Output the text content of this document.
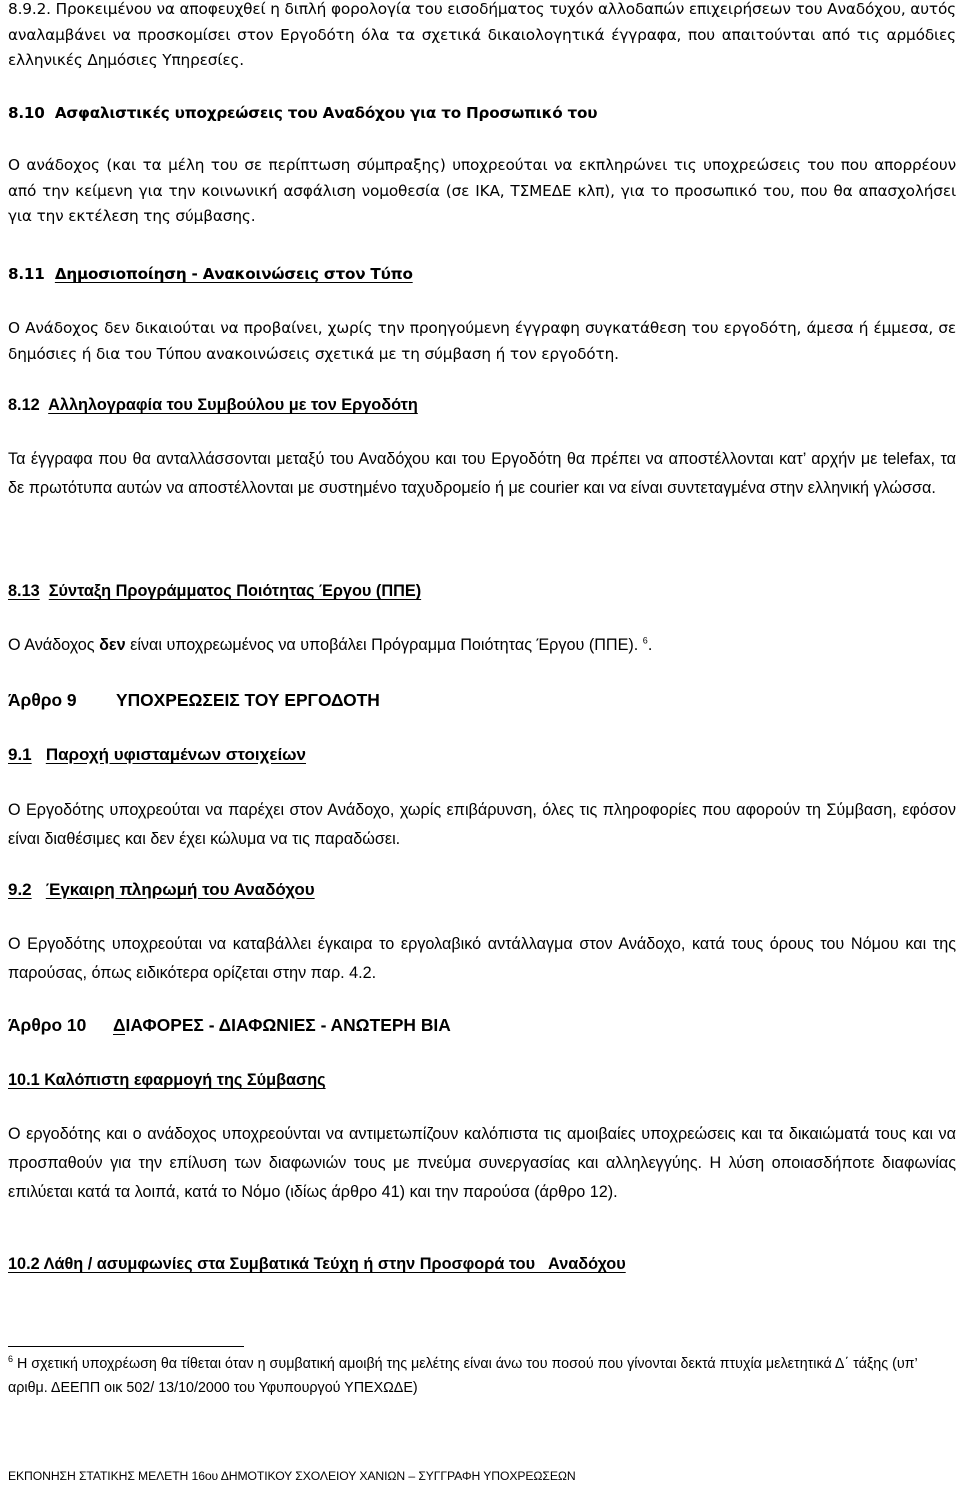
8.9.2. Προκειμένου να αποφευχθεί η διπλή φορολογία του εισοδήματος τυχόν αλλοδαπών επιχειρήσεων του Αναδόχου, αυτός αναλαμβάνει να προσκομίσει στον Εργοδότη όλα τα σχετικά δικαιολογητικά έγγραφα, που απαιτούνται από τις αρμόδιες ελληνικές Δημόσιες Υπηρεσίες.

8.10 Ασφαλιστικές υποχρεώσεις του Αναδόχου για το Προσωπικό του

Ο ανάδοχος (και τα μέλη του σε περίπτωση σύμπραξης) υποχρεούται να εκπληρώνει τις υποχρεώσεις του που απορρέουν από την κείμενη για την κοινωνική ασφάλιση νομοθεσία (σε ΙΚΑ, ΤΣΜΕΔΕ κλπ), για το προσωπικό του, που θα απασχολήσει για την εκτέλεση της σύμβασης.

8.11 Δημοσιοποίηση - Ανακοινώσεις στον Τύπο

Ο Ανάδοχος δεν δικαιούται να προβαίνει, χωρίς την προηγούμενη έγγραφη συγκατάθεση του εργοδότη, άμεσα ή έμμεσα, σε δημόσιες ή δια του Τύπου ανακοινώσεις σχετικά με τη σύμβαση ή τον εργοδότη.

8.12 Αλληλογραφία του Συμβούλου με τον Εργοδότη

Τα έγγραφα που θα ανταλλάσσονται μεταξύ του Αναδόχου και του Εργοδότη θα πρέπει να αποστέλλονται κατ’ αρχήν με telefax, τα δε πρωτότυπα αυτών να αποστέλλονται με συστημένο ταχυδρομείο ή με courier και να είναι συντεταγμένα στην ελληνική γλώσσα.

8.13 Σύνταξη Προγράμματος Ποιότητας Έργου (ΠΠΕ)

Ο Ανάδοχος δεν είναι υποχρεωμένος να υποβάλει Πρόγραμμα Ποιότητας Έργου (ΠΠΕ). $^6$.

Άρθρο 9 ΥΠΟΧΡΕΩΣΕΙΣ ΤΟΥ ΕΡΓΟΔΟΤΗ

9.1 Παροχή υφισταμένων στοιχείων

Ο Εργοδότης υποχρεούται να παρέχει στον Ανάδοχο, χωρίς επιβάρυνση, όλες τις πληροφορίες που αφορούν τη Σύμβαση, εφόσον είναι διαθέσιμες και δεν έχει κώλυμα να τις παραδώσει.

9.2 Έγκαιρη πληρωμή του Αναδόχου

Ο Εργοδότης υποχρεούται να καταβάλλει έγκαιρα το εργολαβικό αντάλλαγμα στον Ανάδοχο, κατά τους όρους του Νόμου και της παρούσας, όπως ειδικότερα ορίζεται στην παρ. 4.2.

Άρθρο 10 ΔΙΑΦΟΡΕΣ - ΔΙΑΦΩΝΙΕΣ - ΑΝΩΤΕΡΗ ΒΙΑ

10.1 Καλόπιστη εφαρμογή της Σύμβασης

Ο εργοδότης και ο ανάδοχος υποχρεούνται να αντιμετωπίζουν καλόπιστα τις αμοιβαίες υποχρεώσεις και τα δικαιώματά τους και να προσπαθούν για την επίλυση των διαφωνιών τους με πνεύμα συνεργασίας και αλληλεγγύης. Η λύση οποιασδήποτε διαφωνίας επιλύεται κατά τα λοιπά, κατά το Νόμο (ιδίως άρθρο 41) και την παρούσα (άρθρο 12).

10.2 Λάθη / ασυμφωνίες στα Συμβατικά Τεύχη ή στην Προσφορά του   Αναδόχου

$^6$ Η σχετική υποχρέωση θα τίθεται όταν η συμβατική αμοιβή της μελέτης είναι άνω του ποσού που γίνονται δεκτά πτυχία μελετητικά Δ΄ τάξης (υπ’ αριθμ. ΔΕΕΠΠ οικ 502/ 13/10/2000 του Υφυπουργού ΥΠΕΧΩΔΕ)

ΕΚΠΟΝΗΣΗ ΣΤΑΤΙΚΗΣ ΜΕΛΕΤΗ 16ου ΔΗΜΟΤΙΚΟΥ ΣΧΟΛΕΙΟΥ ΧΑΝΙΩΝ – ΣΥΓΓΡΑΦΗ ΥΠΟΧΡΕΩΣΕΩΝ
